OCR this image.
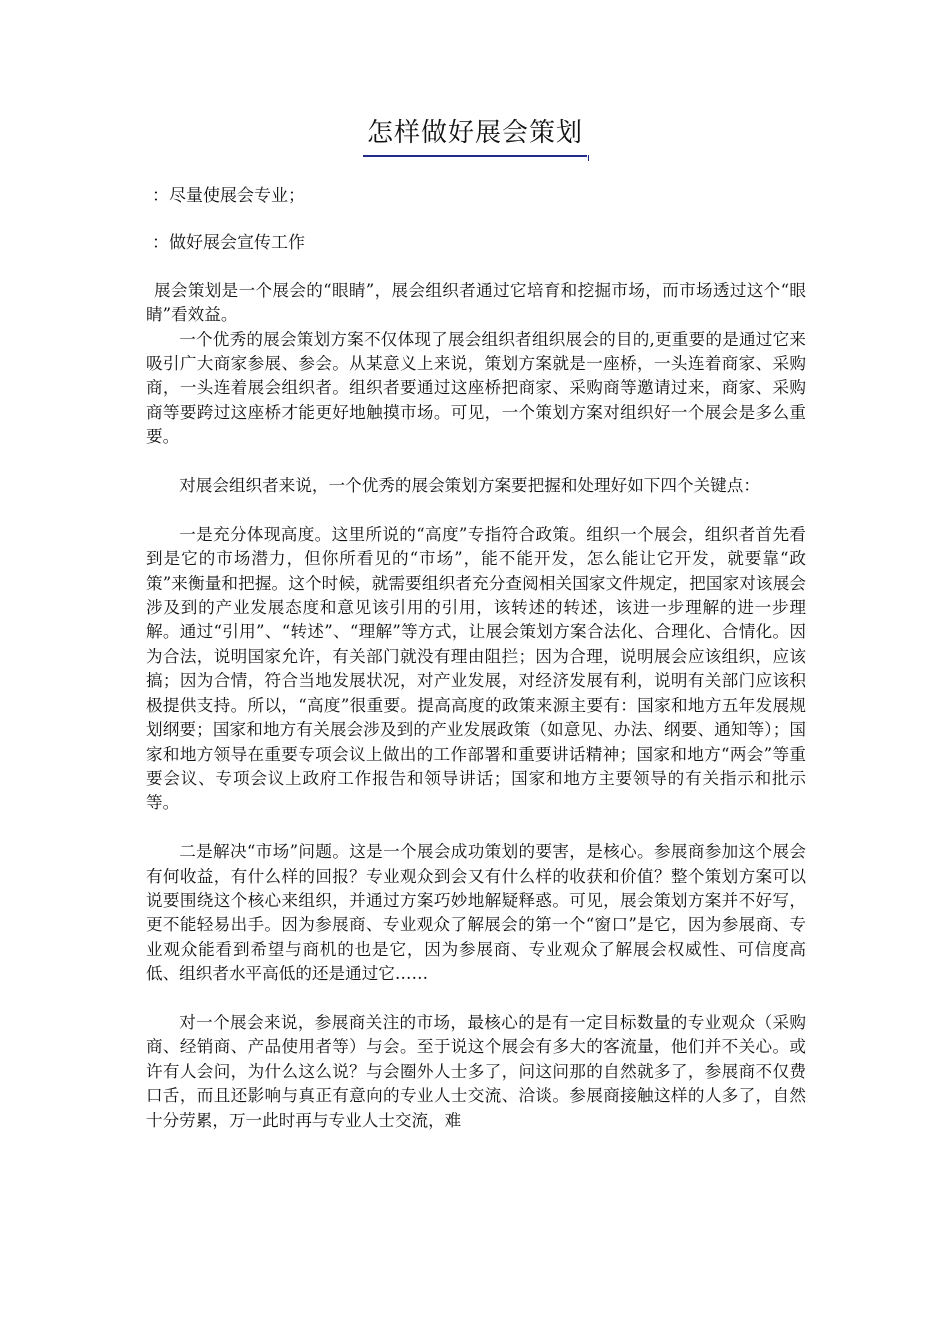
怎样做好展会策划

：尽量使展会专业；

：做好展会宣传工作

展会策划是一个展会的“眼睛”，展会组织者通过它培育和挖掘市场，而市场透过这个“眼睛”看效益。

一个优秀的展会策划方案不仅体现了展会组织者组织展会的目的,更重要的是通过它来吸引广大商家参展、参会。从某意义上来说，策划方案就是一座桥，一头连着商家、采购商，一头连着展会组织者。组织者要通过这座桥把商家、采购商等邀请过来，商家、采购商等要跨过这座桥才能更好地触摸市场。可见，一个策划方案对组织好一个展会是多么重要。

对展会组织者来说，一个优秀的展会策划方案要把握和处理好如下四个关键点：

一是充分体现高度。这里所说的“高度”专指符合政策。组织一个展会，组织者首先看到是它的市场潜力，但你所看见的“市场”，能不能开发，怎么能让它开发，就要靠“政策”来衡量和把握。这个时候，就需要组织者充分查阅相关国家文件规定，把国家对该展会涉及到的产业发展态度和意见该引用的引用，该转述的转述，该进一步理解的进一步理解。通过“引用”、“转述”、“理解”等方式，让展会策划方案合法化、合理化、合情化。因为合法，说明国家允许，有关部门就没有理由阻拦；因为合理，说明展会应该组织，应该搞；因为合情，符合当地发展状况，对产业发展，对经济发展有利，说明有关部门应该积极提供支持。所以，“高度”很重要。提高高度的政策来源主要有：国家和地方五年发展规划纲要；国家和地方有关展会涉及到的产业发展政策（如意见、办法、纲要、通知等）；国家和地方领导在重要专项会议上做出的工作部署和重要讲话精神；国家和地方“两会”等重要会议、专项会议上政府工作报告和领导讲话；国家和地方主要领导的有关指示和批示等。

二是解决“市场”问题。这是一个展会成功策划的要害，是核心。参展商参加这个展会有何收益，有什么样的回报？专业观众到会又有什么样的收获和价值？整个策划方案可以说要围绕这个核心来组织，并通过方案巧妙地解疑释惑。可见，展会策划方案并不好写，更不能轻易出手。因为参展商、专业观众了解展会的第一个“窗口”是它，因为参展商、专业观众能看到希望与商机的也是它，因为参展商、专业观众了解展会权威性、可信度高低、组织者水平高低的还是通过它……

对一个展会来说，参展商关注的市场，最核心的是有一定目标数量的专业观众（采购商、经销商、产品使用者等）与会。至于说这个展会有多大的客流量，他们并不关心。或许有人会问，为什么这么说？与会圈外人士多了，问这问那的自然就多了，参展商不仅费口舌，而且还影响与真正有意向的专业人士交流、洽谈。参展商接触这样的人多了，自然十分劳累，万一此时再与专业人士交流，难
